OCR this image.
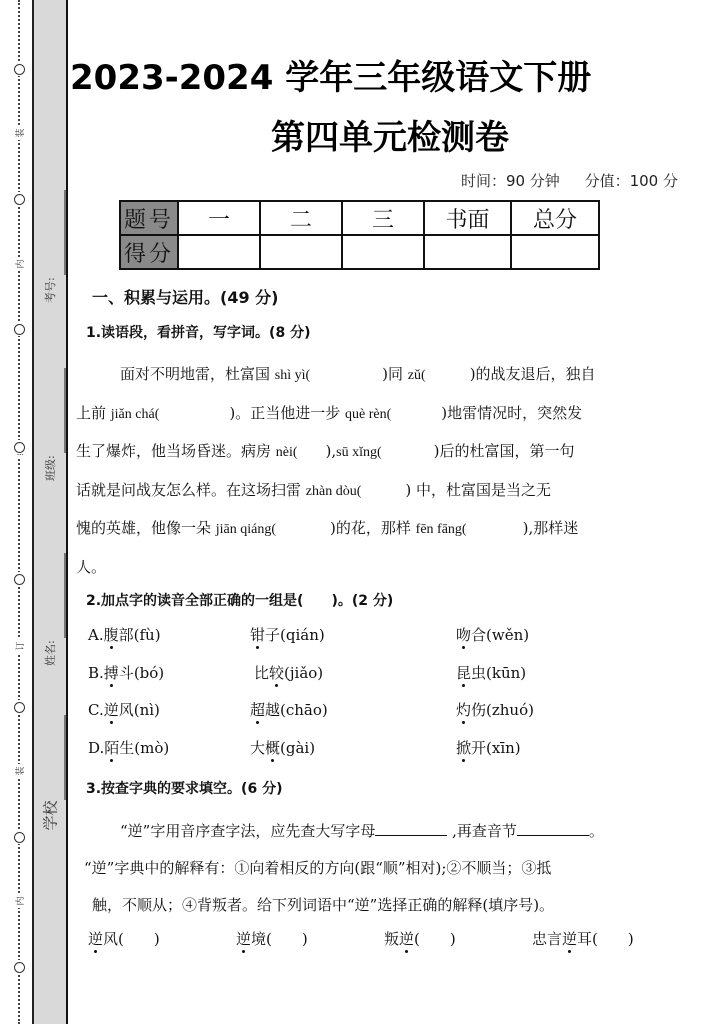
装
内
订
装
内
考号:
班级:
姓名:
学校
2023-2024 学年三年级语文下册
第四单元检测卷
时间：90 分钟 分值：100 分
题号	一	二	三	书面	总分
得分					
一、积累与运用。(49 分)
1.读语段，看拼音，写字词。(8 分)
面对不明地雷，杜富国 shì yì(	)同 zǔ(	)的战友退后，独自
上前 jiǎn chá(	)。正当他进一步 què rèn(	)地雷情况时，突然发
生了爆炸，他当场昏迷。病房 nèi( ),sū xǐng(	)后的杜富国，第一句
话就是问战友怎么样。在这场扫雷 zhàn dòu(	) 中，杜富国是当之无
愧的英雄，他像一朵 jiān qiáng(	)的花，那样 fēn fāng(	),那样迷
人。
2.加点字的读音全部正确的一组是(　　)。(2 分)
A.腹部(fù)	钳子(qián)	吻合(wěn)
B.搏斗(bó)	比较(jiǎo)	昆虫(kūn)
C.逆风(nì)	超越(chāo)	灼伤(zhuó)
D.陌生(mò)	大概(gài)	掀开(xīn)
3.按查字典的要求填空。(6 分)
“逆”字用音序查字法，应先查大写字母	,再查音节	。
“逆”字典中的解释有：①向着相反的方向(跟“顺”相对);②不顺当；③抵
触，不顺从；④背叛者。给下列词语中“逆”选择正确的解释(填序号)。
逆风(　　)	逆境(　　)	叛逆(　　)	忠言逆耳(　　)
